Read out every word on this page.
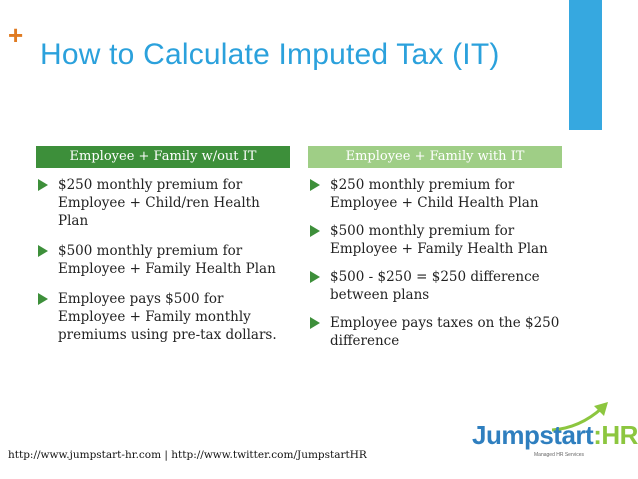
+
How to Calculate Imputed Tax (IT)
Employee + Family w/out IT	Employee + Family with IT
$250 monthly premium for Employee + Child/ren Health Plan
$500 monthly premium for Employee + Family Health Plan
Employee pays $500 for Employee + Family monthly premiums using pre-tax dollars.
$250 monthly premium for Employee + Child Health Plan
$500 monthly premium for Employee + Family Health Plan
$500 - $250 = $250 difference between plans
Employee pays taxes on the $250 difference
http://www.jumpstart-hr.com | http://www.twitter.com/JumpstartHR
Jumpstart:HR
Managed HR Services
